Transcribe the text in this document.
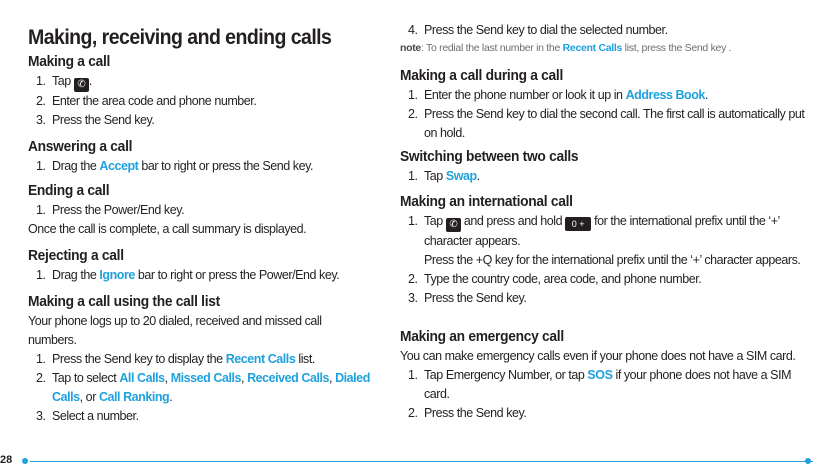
Making, receiving and ending calls
Making a call
1. Tap ✆ .
2. Enter the area code and phone number.
3. Press the Send key.
Answering a call
1. Drag the Accept bar to right or press the Send key.
Ending a call
1. Press the Power/End key.
Once the call is complete, a call summary is displayed.
Rejecting a call
1. Drag the Ignore bar to right or press the Power/End key.
Making a call using the call list
Your phone logs up to 20 dialed, received and missed call numbers.
1. Press the Send key to display the Recent Calls list.
2. Tap to select All Calls, Missed Calls, Received Calls, Dialed Calls, or Call Ranking.
3. Select a number.
4. Press the Send key to dial the selected number.
note: To redial the last number in the Recent Calls list, press the Send key .
Making a call during a call
1. Enter the phone number or look it up in Address Book.
2. Press the Send key to dial the second call. The first call is automatically put on hold.
Switching between two calls
1. Tap Swap.
Making an international call
1. Tap ✆ and press and hold 0 + for the international prefix until the ‘+’ character appears.
Press the +Q key for the international prefix until the ‘+’ character appears.
2. Type the country code, area code, and phone number.
3. Press the Send key.
Making an emergency call
You can make emergency calls even if your phone does not have a SIM card.
1. Tap Emergency Number, or tap SOS if your phone does not have a SIM card.
2. Press the Send key.
28
